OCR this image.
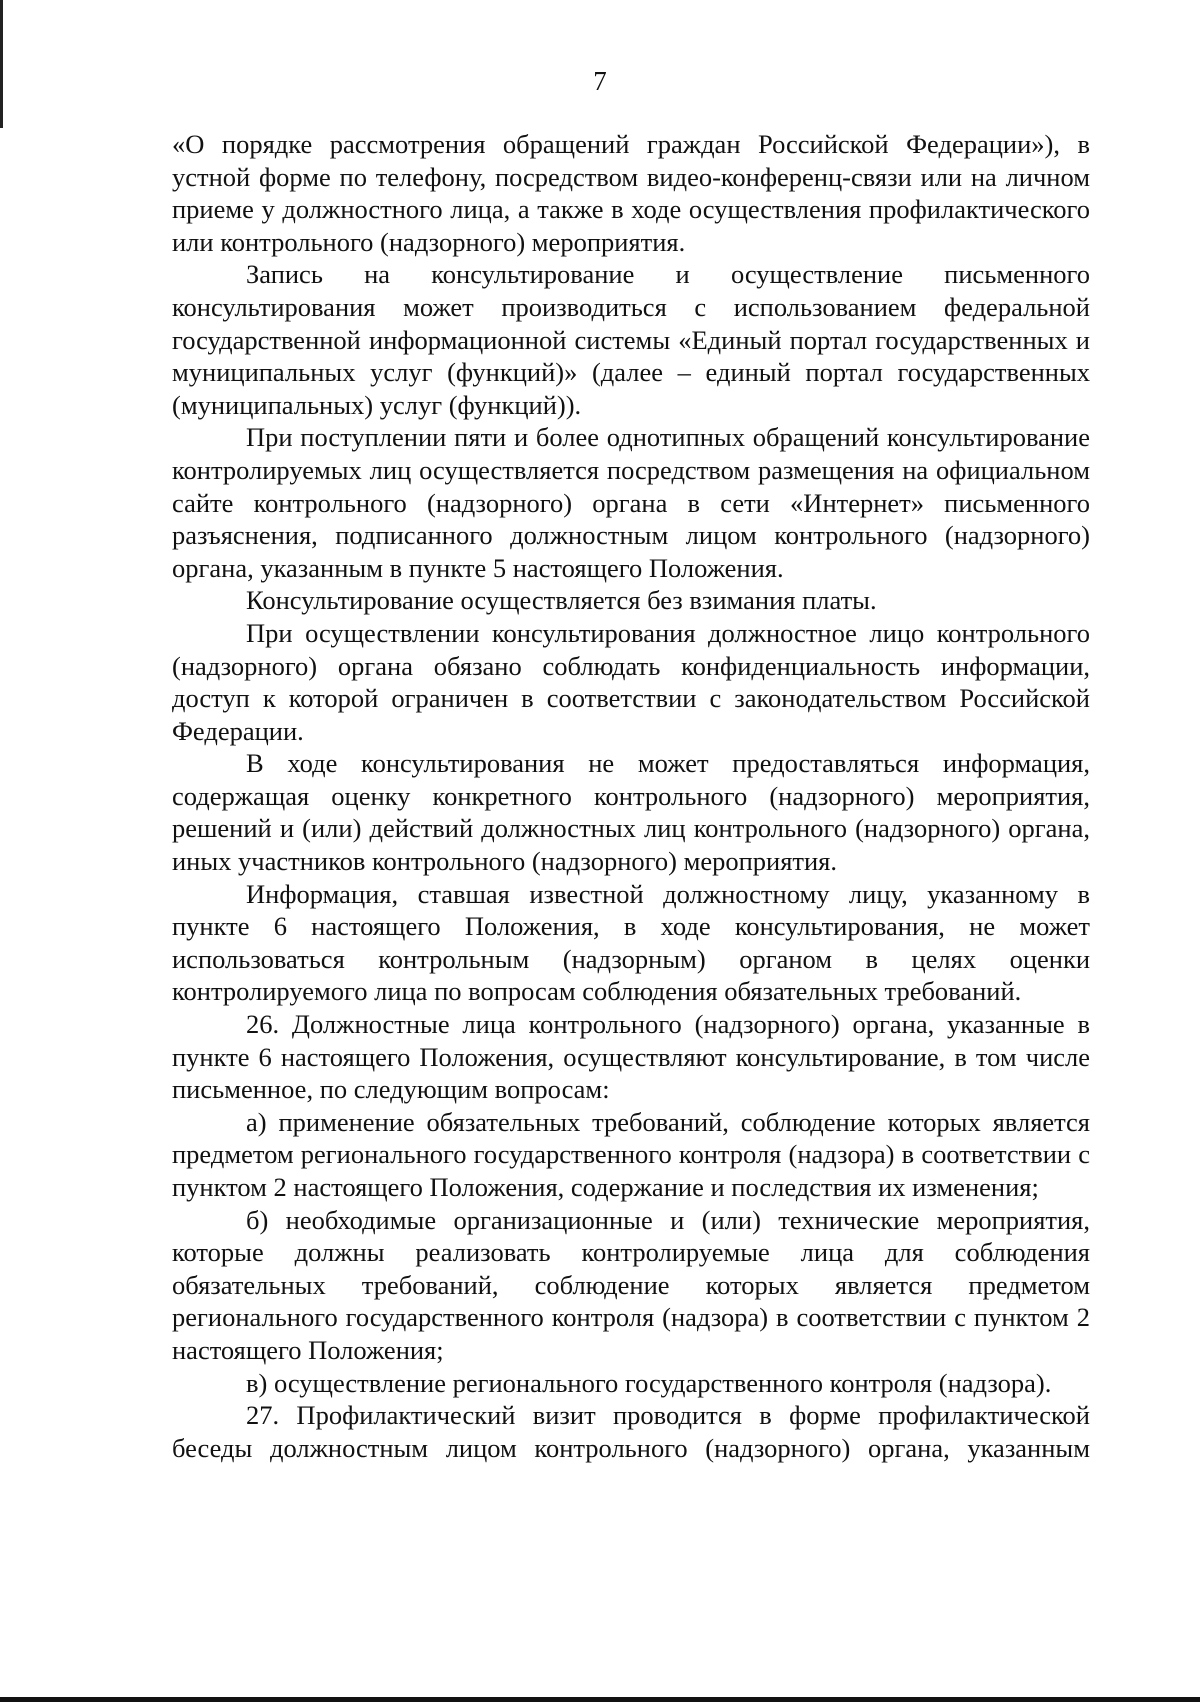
7

«О порядке рассмотрения обращений граждан Российской Федерации»), в устной форме по телефону, посредством видео-конференц-связи или на личном приеме у должностного лица, а также в ходе осуществления профилактического или контрольного (надзорного) мероприятия.

Запись на консультирование и осуществление письменного консультирования может производиться с использованием федеральной государственной информационной системы «Единый портал государственных и муниципальных услуг (функций)» (далее – единый портал государственных (муниципальных) услуг (функций)).

При поступлении пяти и более однотипных обращений консультирование контролируемых лиц осуществляется посредством размещения на официальном сайте контрольного (надзорного) органа в сети «Интернет» письменного разъяснения, подписанного должностным лицом контрольного (надзорного) органа, указанным в пункте 5 настоящего Положения.

Консультирование осуществляется без взимания платы.

При осуществлении консультирования должностное лицо контрольного (надзорного) органа обязано соблюдать конфиденциальность информации, доступ к которой ограничен в соответствии с законодательством Российской Федерации.

В ходе консультирования не может предоставляться информация, содержащая оценку конкретного контрольного (надзорного) мероприятия, решений и (или) действий должностных лиц контрольного (надзорного) органа, иных участников контрольного (надзорного) мероприятия.

Информация, ставшая известной должностному лицу, указанному в пункте 6 настоящего Положения, в ходе консультирования, не может использоваться контрольным (надзорным) органом в целях оценки контролируемого лица по вопросам соблюдения обязательных требований.

26. Должностные лица контрольного (надзорного) органа, указанные в пункте 6 настоящего Положения, осуществляют консультирование, в том числе письменное, по следующим вопросам:

а) применение обязательных требований, соблюдение которых является предметом регионального государственного контроля (надзора) в соответствии с пунктом 2 настоящего Положения, содержание и последствия их изменения;

б) необходимые организационные и (или) технические мероприятия, которые должны реализовать контролируемые лица для соблюдения обязательных требований, соблюдение которых является предметом регионального государственного контроля (надзора) в соответствии с пунктом 2 настоящего Положения;

в) осуществление регионального государственного контроля (надзора).

27. Профилактический визит проводится в форме профилактической беседы должностным лицом контрольного (надзорного) органа, указанным
